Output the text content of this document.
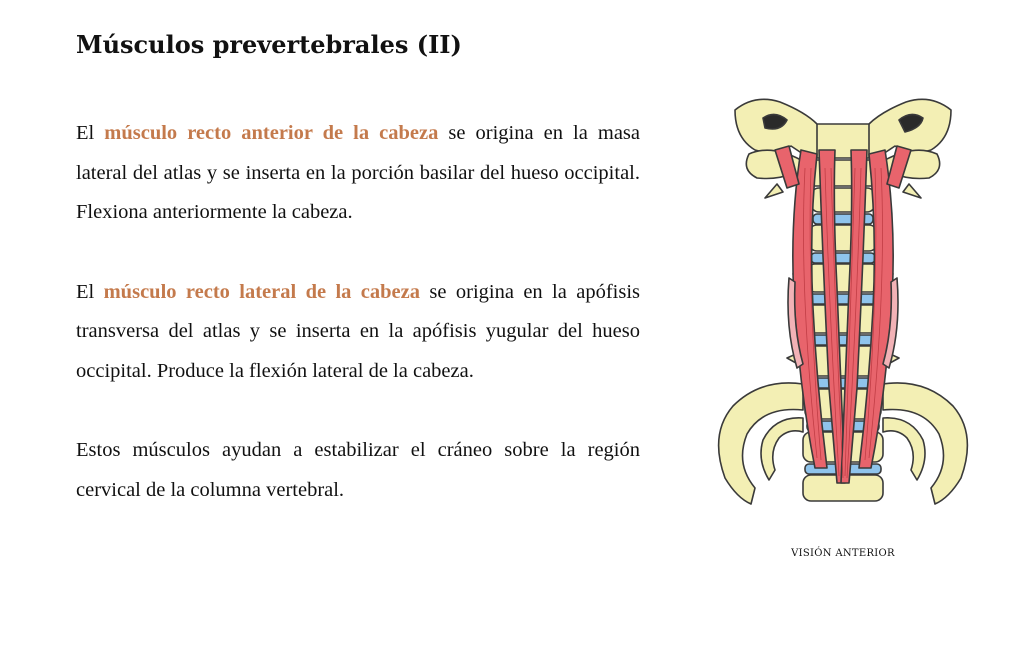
Músculos prevertebrales (II)

El músculo recto anterior de la cabeza se origina en la masa lateral del atlas y se inserta en la porción basilar del hueso occipital. Flexiona anteriormente la cabeza.

El músculo recto lateral de la cabeza se origina en la apófisis transversa del atlas y se inserta en la apófisis yugular del hueso occipital. Produce la flexión lateral de la cabeza.

Estos músculos ayudan a estabilizar el cráneo sobre la región cervical de la columna vertebral.

VISIÓN ANTERIOR
